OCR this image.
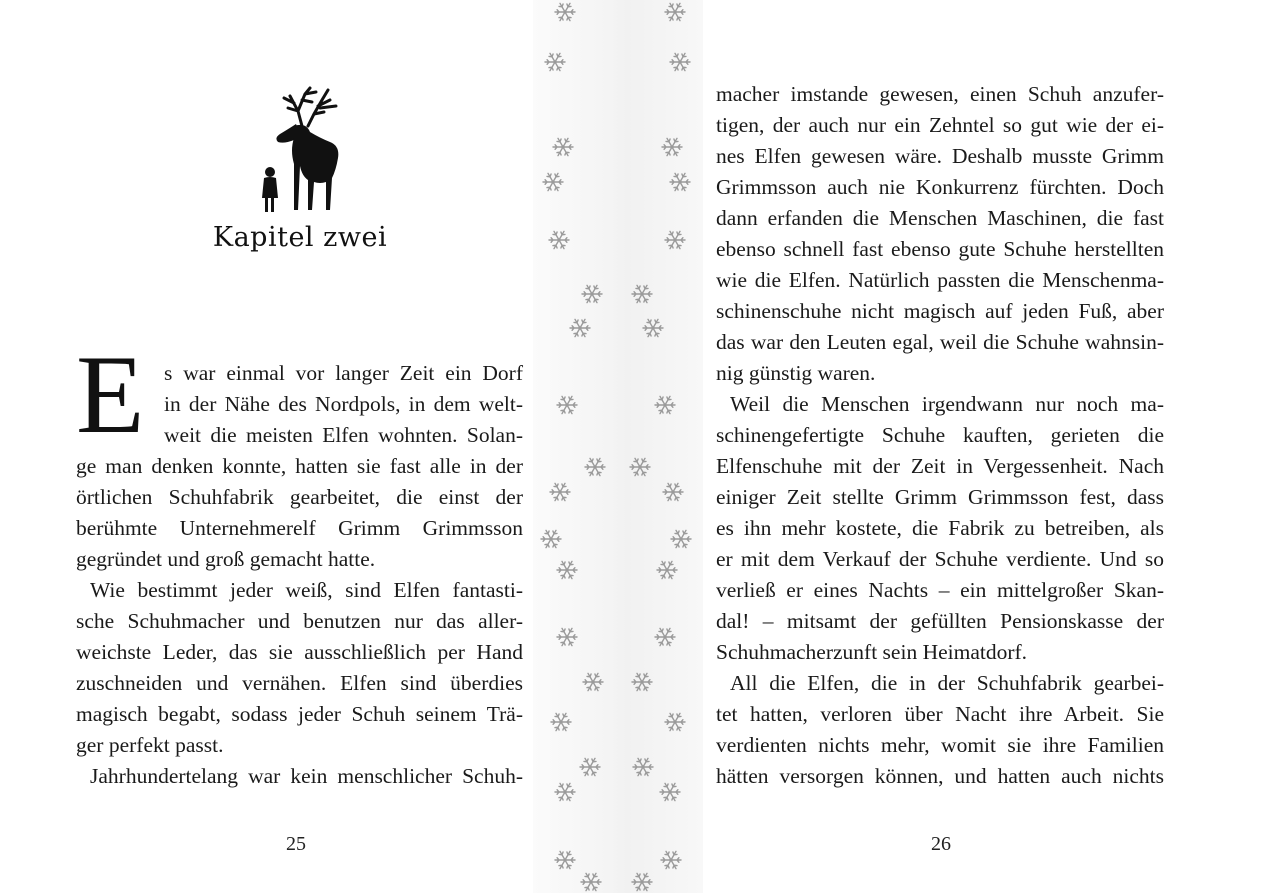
Kapitel zwei
E s war einmal vor langer Zeit ein Dorf
in der Nähe des Nordpols, in dem welt-
weit die meisten Elfen wohnten. Solan-
ge man denken konnte, hatten sie fast alle in der
örtlichen Schuhfabrik gearbeitet, die einst der
berühmte Unternehmerelf Grimm Grimmsson
gegründet und groß gemacht hatte.
Wie bestimmt jeder weiß, sind Elfen fantasti-
sche Schuhmacher und benutzen nur das aller-
weichste Leder, das sie ausschließlich per Hand
zuschneiden und vernähen. Elfen sind überdies
magisch begabt, sodass jeder Schuh seinem Trä-
ger perfekt passt.
Jahrhundertelang war kein menschlicher Schuh-
25
macher imstande gewesen, einen Schuh anzufer-
tigen, der auch nur ein Zehntel so gut wie der ei-
nes Elfen gewesen wäre. Deshalb musste Grimm
Grimmsson auch nie Konkurrenz fürchten. Doch
dann erfanden die Menschen Maschinen, die fast
ebenso schnell fast ebenso gute Schuhe herstellten
wie die Elfen. Natürlich passten die Menschenma-
schinenschuhe nicht magisch auf jeden Fuß, aber
das war den Leuten egal, weil die Schuhe wahnsin-
nig günstig waren.
Weil die Menschen irgendwann nur noch ma-
schinengefertigte Schuhe kauften, gerieten die
Elfenschuhe mit der Zeit in Vergessenheit. Nach
einiger Zeit stellte Grimm Grimmsson fest, dass
es ihn mehr kostete, die Fabrik zu betreiben, als
er mit dem Verkauf der Schuhe verdiente. Und so
verließ er eines Nachts – ein mittelgroßer Skan-
dal! – mitsamt der gefüllten Pensionskasse der
Schuhmacherzunft sein Heimatdorf.
All die Elfen, die in der Schuhfabrik gearbei-
tet hatten, verloren über Nacht ihre Arbeit. Sie
verdienten nichts mehr, womit sie ihre Familien
hätten versorgen können, und hatten auch nichts
26
